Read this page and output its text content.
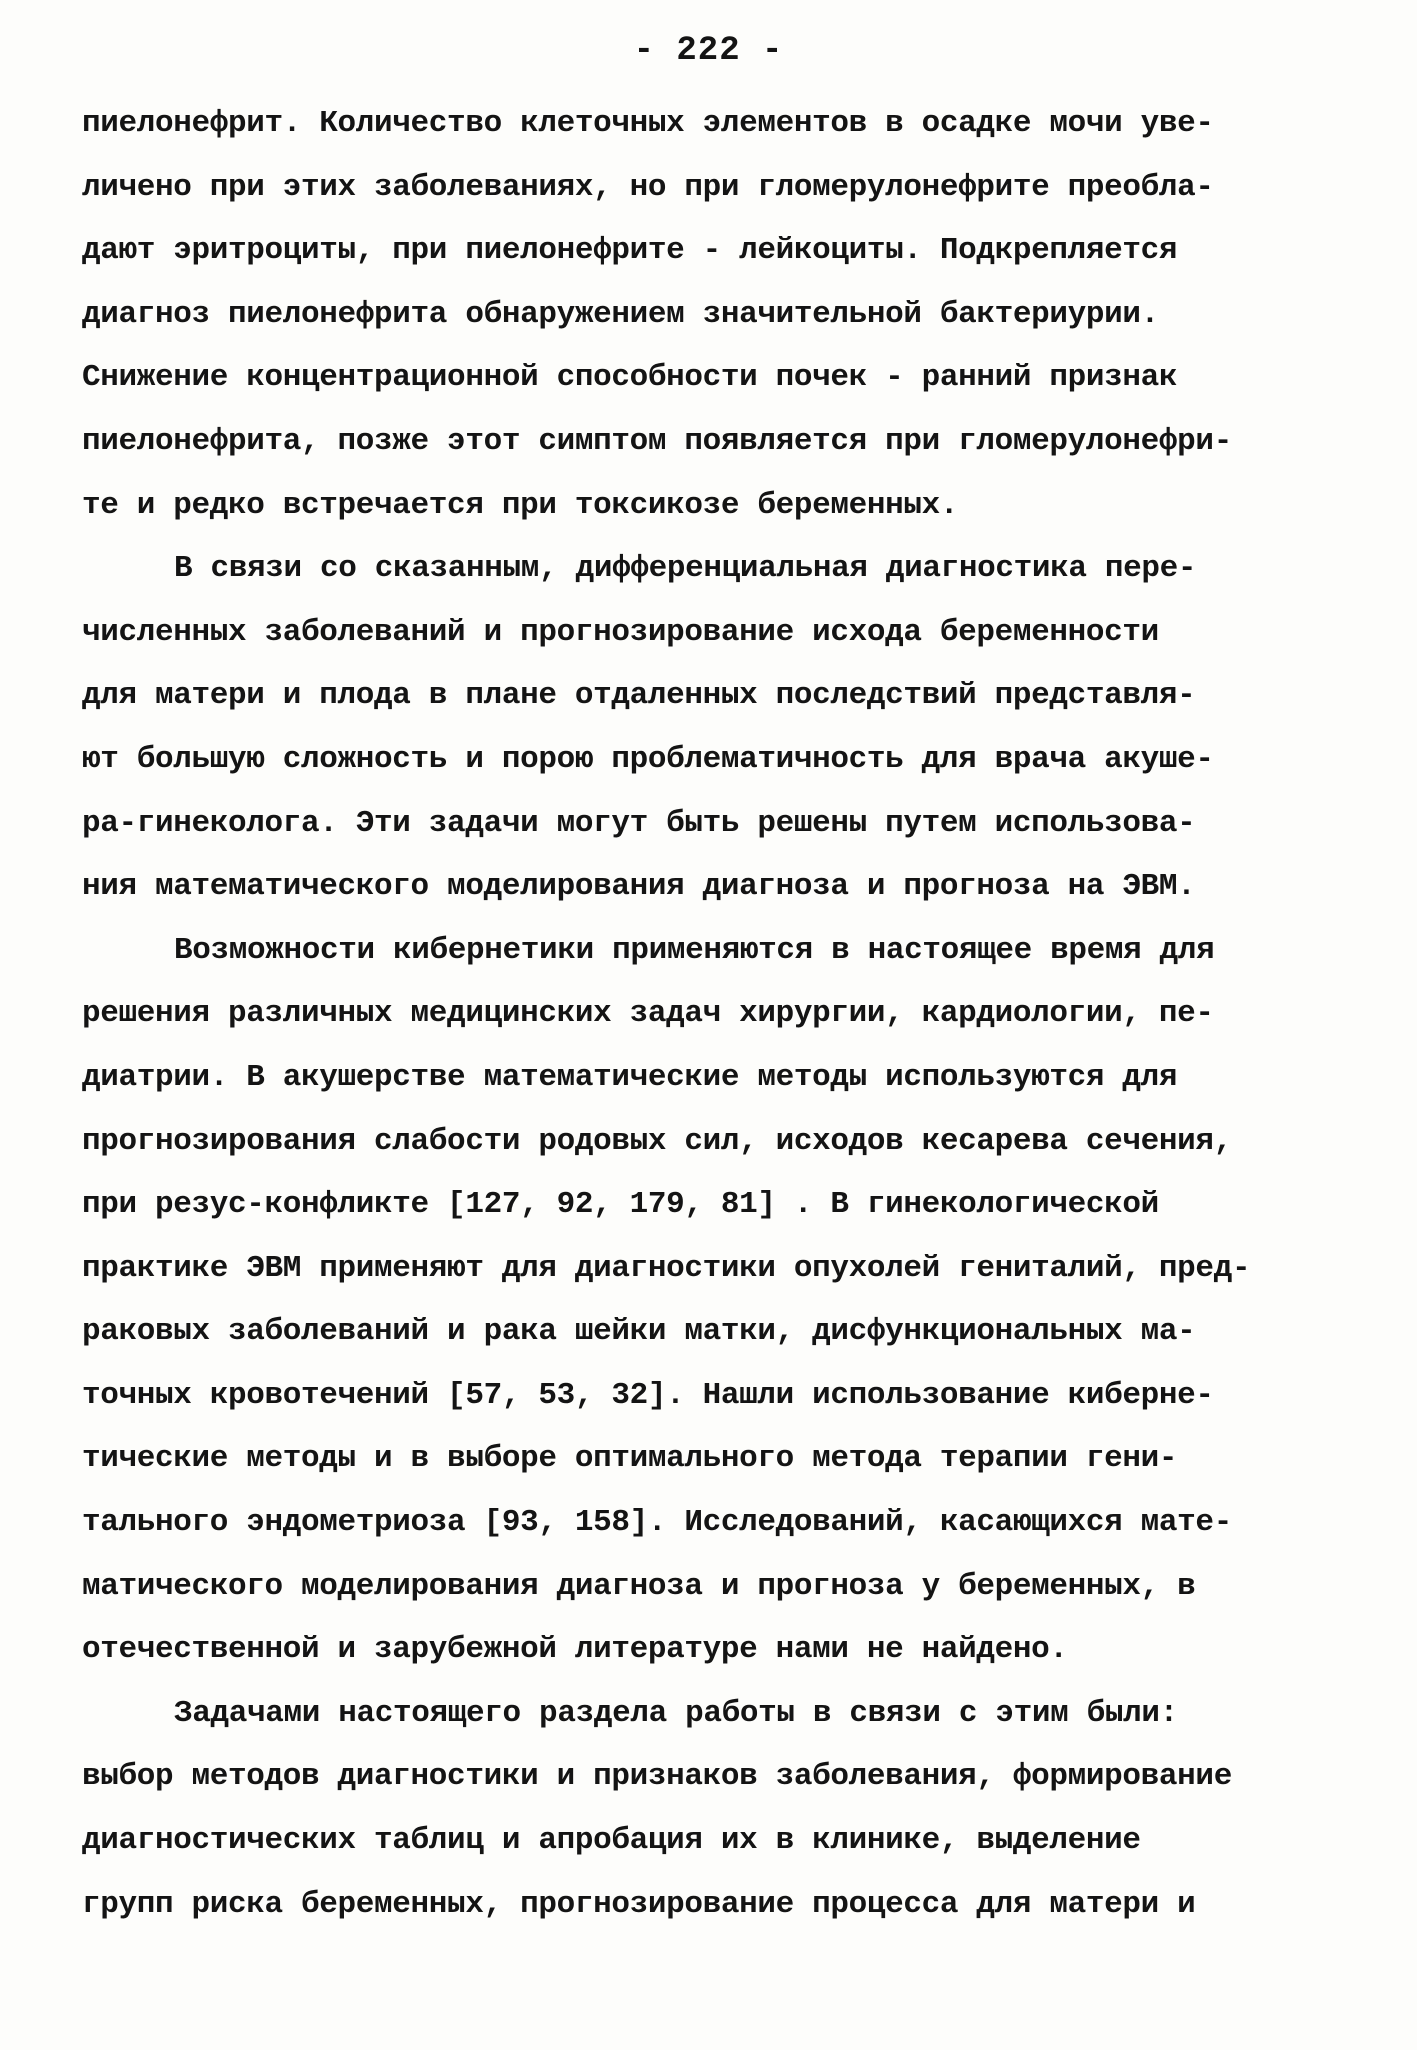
- 222 -
пиелонефрит. Количество клеточных элементов в осадке мочи уве-
личено при этих заболеваниях, но при гломерулонефрите преобла-
дают эритроциты, при пиелонефрите - лейкоциты. Подкрепляется
диагноз пиелонефрита обнаружением значительной бактериурии.
Снижение концентрационной способности почек - ранний признак
пиелонефрита, позже этот симптом появляется при гломерулонефри-
те и редко встречается при токсикозе беременных.
В связи со сказанным, дифференциальная диагностика пере-
численных заболеваний и прогнозирование исхода беременности
для матери и плода в плане отдаленных последствий представля-
ют большую сложность и порою проблематичность для врача акуше-
ра-гинеколога. Эти задачи могут быть решены путем использова-
ния математического моделирования диагноза и прогноза на ЭВМ.
Возможности кибернетики применяются в настоящее время для
решения различных медицинских задач хирургии, кардиологии, пе-
диатрии. В акушерстве математические методы используются для
прогнозирования слабости родовых сил, исходов кесарева сечения,
при резус-конфликте [127, 92, 179, 81] . В гинекологической
практике ЭВМ применяют для диагностики опухолей гениталий, пред-
раковых заболеваний и рака шейки матки, дисфункциональных ма-
точных кровотечений [57, 53, 32]. Нашли использование киберне-
тические методы и в выборе оптимального метода терапии гени-
тального эндометриоза [93, 158]. Исследований, касающихся мате-
матического моделирования диагноза и прогноза у беременных, в
отечественной и зарубежной литературе нами не найдено.
Задачами настоящего раздела работы в связи с этим были:
выбор методов диагностики и признаков заболевания, формирование
диагностических таблиц и апробация их в клинике, выделение
групп риска беременных, прогнозирование процесса для матери и
